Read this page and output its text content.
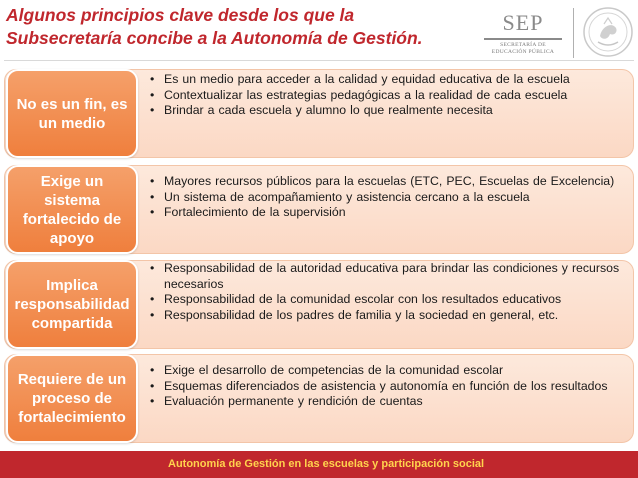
Algunos principios clave desde los que la
Subsecretaría concibe a la Autonomía de Gestión.
SEP
SECRETARÍA DE
EDUCACIÓN PÚBLICA
No es un fin, es un medio
• Es un medio para acceder a la calidad y equidad educativa de la escuela
• Contextualizar las estrategias pedagógicas a la realidad de cada escuela
• Brindar a cada escuela y alumno lo que realmente necesita
Exige un sistema fortalecido de apoyo
• Mayores recursos públicos para la escuelas (ETC, PEC, Escuelas de Excelencia)
• Un sistema de acompañamiento y asistencia cercano a la escuela
• Fortalecimiento de la supervisión
Implica responsabilidad compartida
• Responsabilidad de la autoridad educativa para brindar las condiciones y recursos necesarios
• Responsabilidad de la comunidad escolar con los resultados educativos
• Responsabilidad de los padres de familia y la sociedad en general, etc.
Requiere de un proceso de fortalecimiento
• Exige el desarrollo de competencias de la comunidad escolar
• Esquemas diferenciados de asistencia y autonomía en función de los resultados
• Evaluación permanente y rendición de cuentas
Autonomía de Gestión en las escuelas y participación social
